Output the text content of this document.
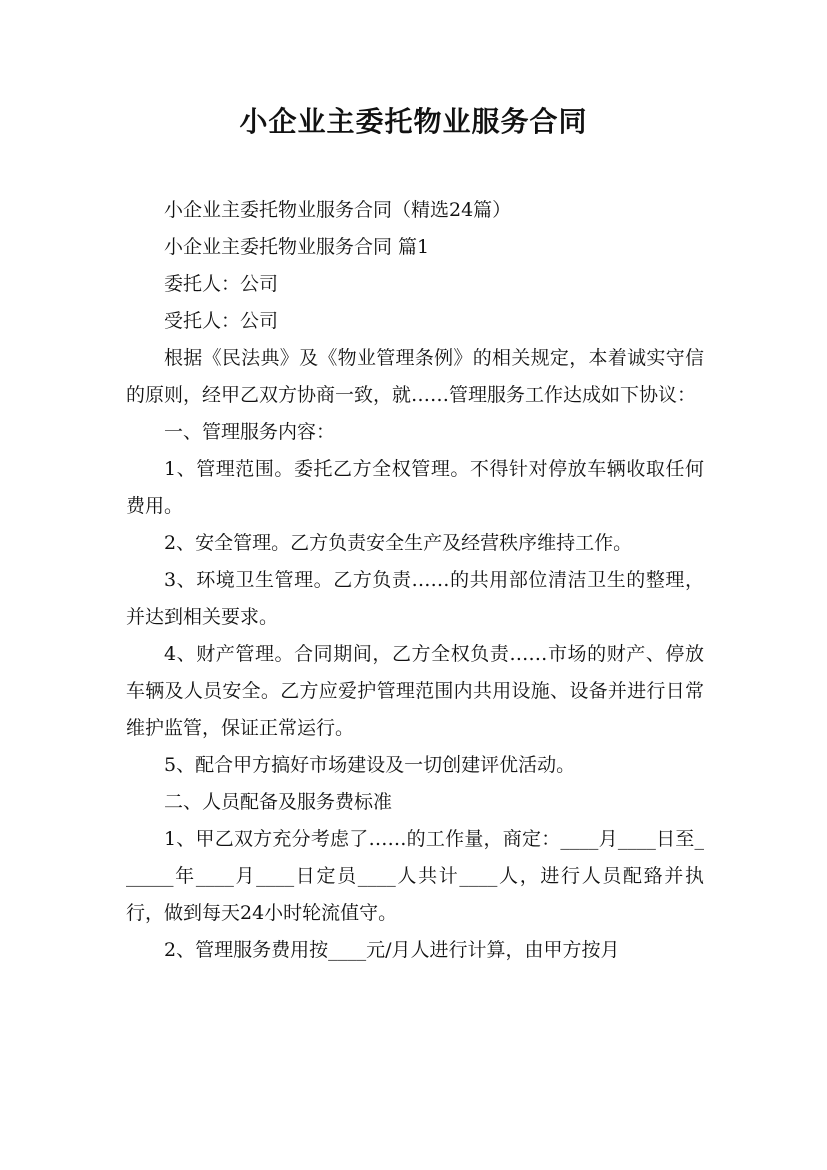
小企业主委托物业服务合同

小企业主委托物业服务合同（精选24篇）

小企业主委托物业服务合同 篇1

委托人：公司

受托人：公司

根据《民法典》及《物业管理条例》的相关规定，本着诚实守信的原则，经甲乙双方协商一致，就……管理服务工作达成如下协议：

一、管理服务内容：

1、管理范围。委托乙方全权管理。不得针对停放车辆收取任何费用。

2、安全管理。乙方负责安全生产及经营秩序维持工作。

3、环境卫生管理。乙方负责……的共用部位清洁卫生的整理，并达到相关要求。

4、财产管理。合同期间，乙方全权负责……市场的财产、停放车辆及人员安全。乙方应爱护管理范围内共用设施、设备并进行日常维护监管，保证正常运行。

5、配合甲方搞好市场建设及一切创建评优活动。

二、人员配备及服务费标准

1、甲乙双方充分考虑了……的工作量，商定：____月____日至______年____月____日定员____人共计____人，进行人员配臵并执行，做到每天24小时轮流值守。

2、管理服务费用按____元/月人进行计算，由甲方按月
